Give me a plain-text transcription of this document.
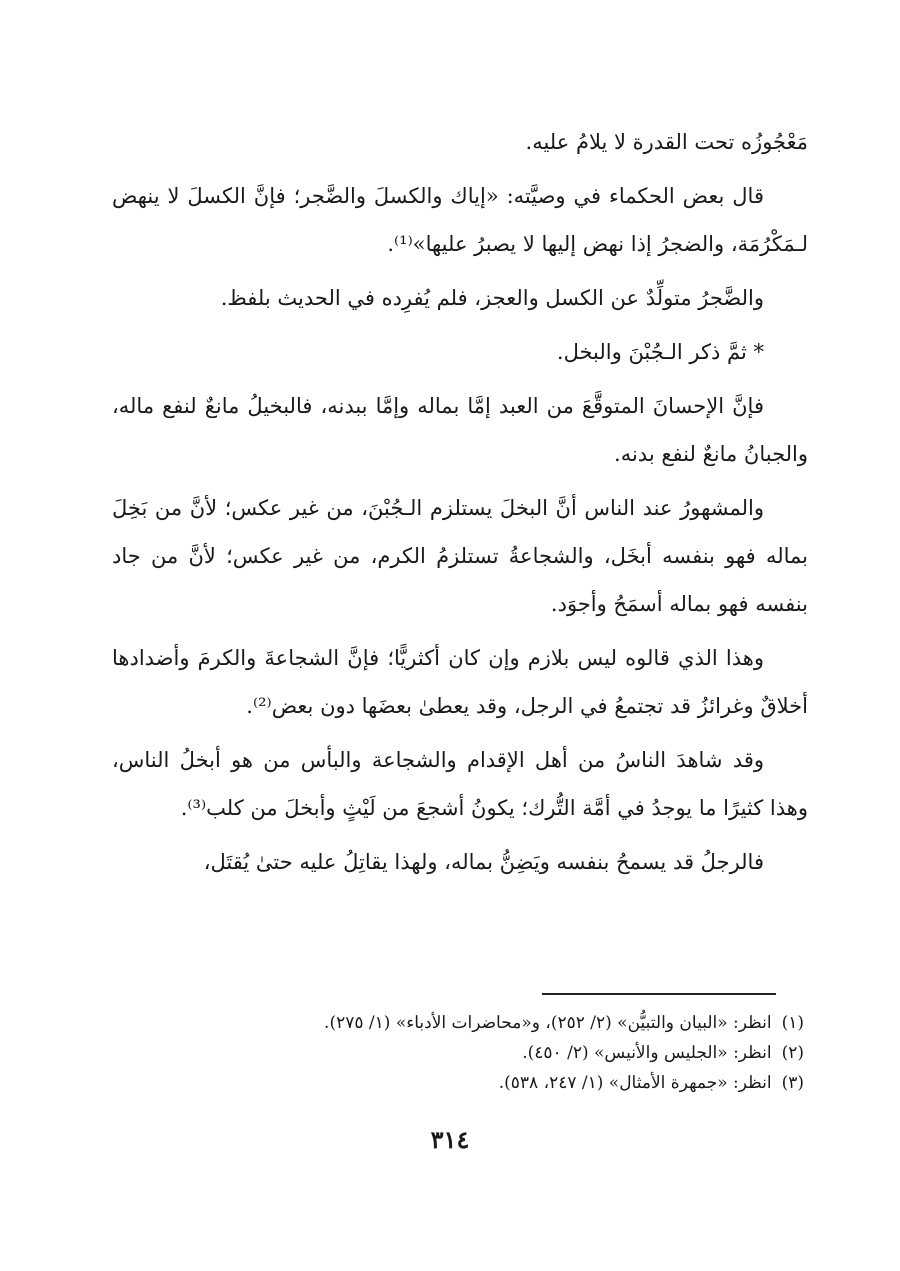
مَعْجُوزُه تحت القدرة لا يلامُ عليه.

قال بعض الحكماء في وصيَّته: «إياك والكسلَ والضَّجر؛ فإنَّ الكسلَ لا ينهض لـمَكْرُمَة، والضجرُ إذا نهض إليها لا يصبرُ عليها»⁽¹⁾.

والضَّجرُ متولِّدٌ عن الكسل والعجز، فلم يُفرِده في الحديث بلفظ.

* ثمَّ ذكر الـجُبْنَ والبخل.

فإنَّ الإحسانَ المتوقَّعَ من العبد إمَّا بماله وإمَّا ببدنه، فالبخيلُ مانعٌ لنفع ماله، والجبانُ مانعٌ لنفع بدنه.

والمشهورُ عند الناس أنَّ البخلَ يستلزم الـجُبْنَ، من غير عكس؛ لأنَّ من بَخِلَ بماله فهو بنفسه أبخَل، والشجاعةُ تستلزمُ الكرم، من غير عكس؛ لأنَّ من جاد بنفسه فهو بماله أسمَحُ وأجوَد.

وهذا الذي قالوه ليس بلازم وإن كان أكثريًّا؛ فإنَّ الشجاعةَ والكرمَ وأضدادها أخلاقٌ وغرائزُ قد تجتمعُ في الرجل، وقد يعطىٰ بعضَها دون بعض⁽²⁾.

وقد شاهدَ الناسُ من أهل الإقدام والشجاعة والبأس من هو أبخلُ الناس، وهذا كثيرًا ما يوجدُ في أمَّة التُّرك؛ يكونُ أشجعَ من لَيْثٍ وأبخلَ من كلب⁽³⁾.

فالرجلُ قد يسمحُ بنفسه ويَضِنُّ بماله، ولهذا يقاتِلُ عليه حتىٰ يُقتَل،

(١)انظر: «البيان والتبيُّن» (٢/ ٢٥٢)، و«محاضرات الأدباء» (١/ ٢٧٥).

(٢)انظر: «الجليس والأنيس» (٢/ ٤٥٠).

(٣)انظر: «جمهرة الأمثال» (١/ ٢٤٧، ٥٣٨).

٣١٤
